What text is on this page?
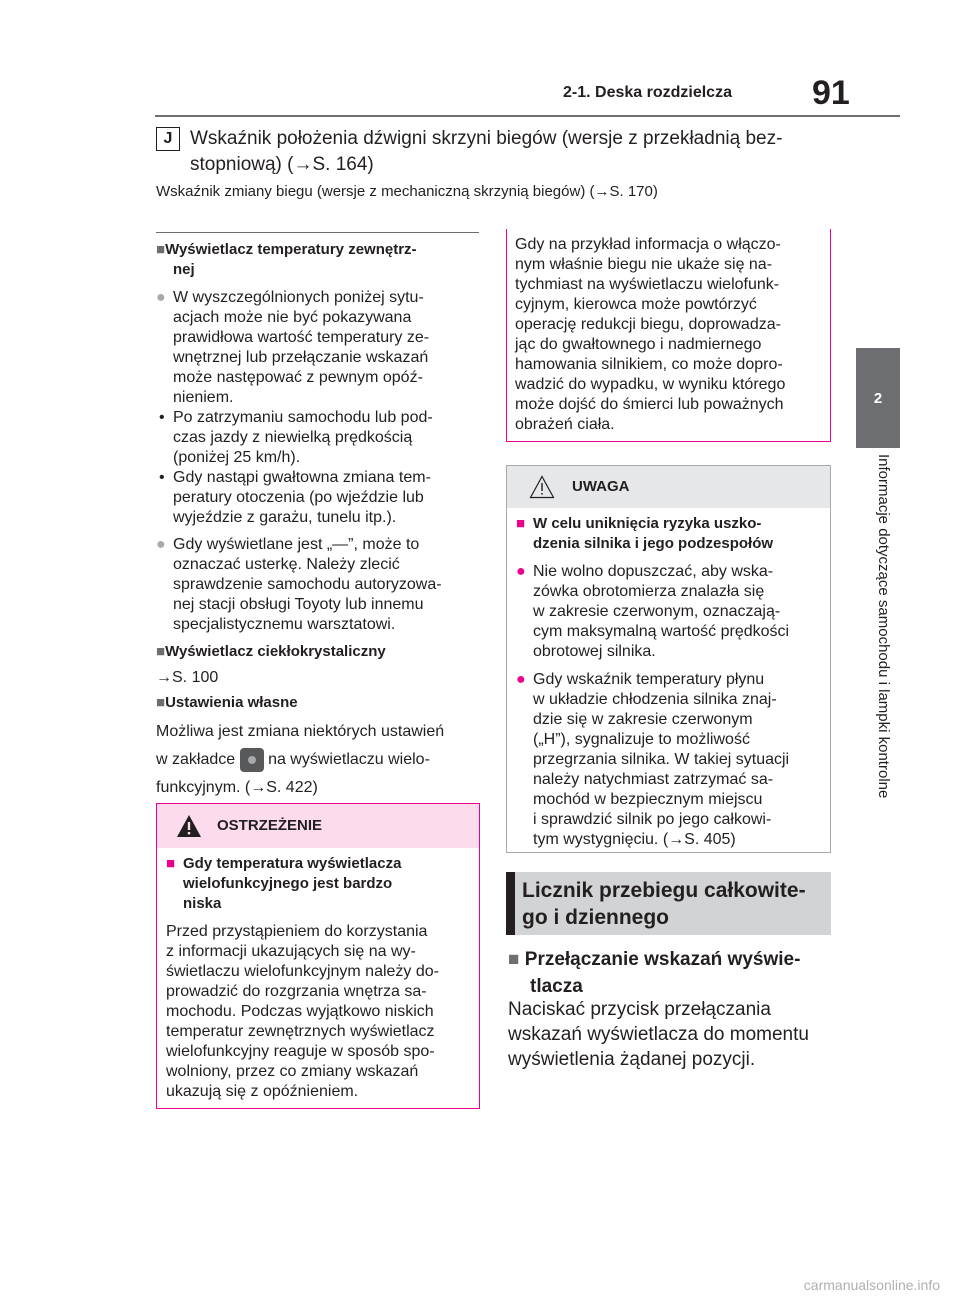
2-1. Deska rozdzielcza 91
2
Informacje dotyczące samochodu i lampki kontrolne
J Wskaźnik położenia dźwigni skrzyni biegów (wersje z przekładnią bez-
stopniową) (→S. 164)
Wskaźnik zmiany biegu (wersje z mechaniczną skrzynią biegów) (→S. 170)
■Wyświetlacz temperatury zewnętrz-
nej
● W wyszczególnionych poniżej sytu-
acjach może nie być pokazywana
prawidłowa wartość temperatury ze-
wnętrznej lub przełączanie wskazań
może następować z pewnym opóź-
nieniem.
• Po zatrzymaniu samochodu lub pod-
czas jazdy z niewielką prędkością
(poniżej 25 km/h).
• Gdy nastąpi gwałtowna zmiana tem-
peratury otoczenia (po wjeździe lub
wyjeździe z garażu, tunelu itp.).
● Gdy wyświetlane jest „—”, może to
oznaczać usterkę. Należy zlecić
sprawdzenie samochodu autoryzowa-
nej stacji obsługi Toyoty lub innemu
specjalistycznemu warsztatowi.
■Wyświetlacz ciekłokrystaliczny
→S. 100
■Ustawienia własne
Możliwa jest zmiana niektórych ustawień
w zakładce na wyświetlaczu wielo-
funkcyjnym. (→S. 422)
OSTRZEŻENIE
■ Gdy temperatura wyświetlacza
wielofunkcyjnego jest bardzo
niska
Przed przystąpieniem do korzystania
z informacji ukazujących się na wy-
świetlaczu wielofunkcyjnym należy do-
prowadzić do rozgrzania wnętrza sa-
mochodu. Podczas wyjątkowo niskich
temperatur zewnętrznych wyświetlacz
wielofunkcyjny reaguje w sposób spo-
wolniony, przez co zmiany wskazań
ukazują się z opóźnieniem.
Gdy na przykład informacja o włączo-
nym właśnie biegu nie ukaże się na-
tychmiast na wyświetlaczu wielofunk-
cyjnym, kierowca może powtórzyć
operację redukcji biegu, doprowadza-
jąc do gwałtownego i nadmiernego
hamowania silnikiem, co może dopro-
wadzić do wypadku, w wyniku którego
może dojść do śmierci lub poważnych
obrażeń ciała.
UWAGA
■ W celu uniknięcia ryzyka uszko-
dzenia silnika i jego podzespołów
● Nie wolno dopuszczać, aby wska-
zówka obrotomierza znalazła się
w zakresie czerwonym, oznaczają-
cym maksymalną wartość prędkości
obrotowej silnika.
● Gdy wskaźnik temperatury płynu
w układzie chłodzenia silnika znaj-
dzie się w zakresie czerwonym
(„H”), sygnalizuje to możliwość
przegrzania silnika. W takiej sytuacji
należy natychmiast zatrzymać sa-
mochód w bezpiecznym miejscu
i sprawdzić silnik po jego całkowi-
tym wystygnięciu. (→S. 405)
Licznik przebiegu całkowite-
go i dziennego
■ Przełączanie wskazań wyświe-
tlacza
Naciskać przycisk przełączania
wskazań wyświetlacza do momentu
wyświetlenia żądanej pozycji.
carmanualsonline.info
